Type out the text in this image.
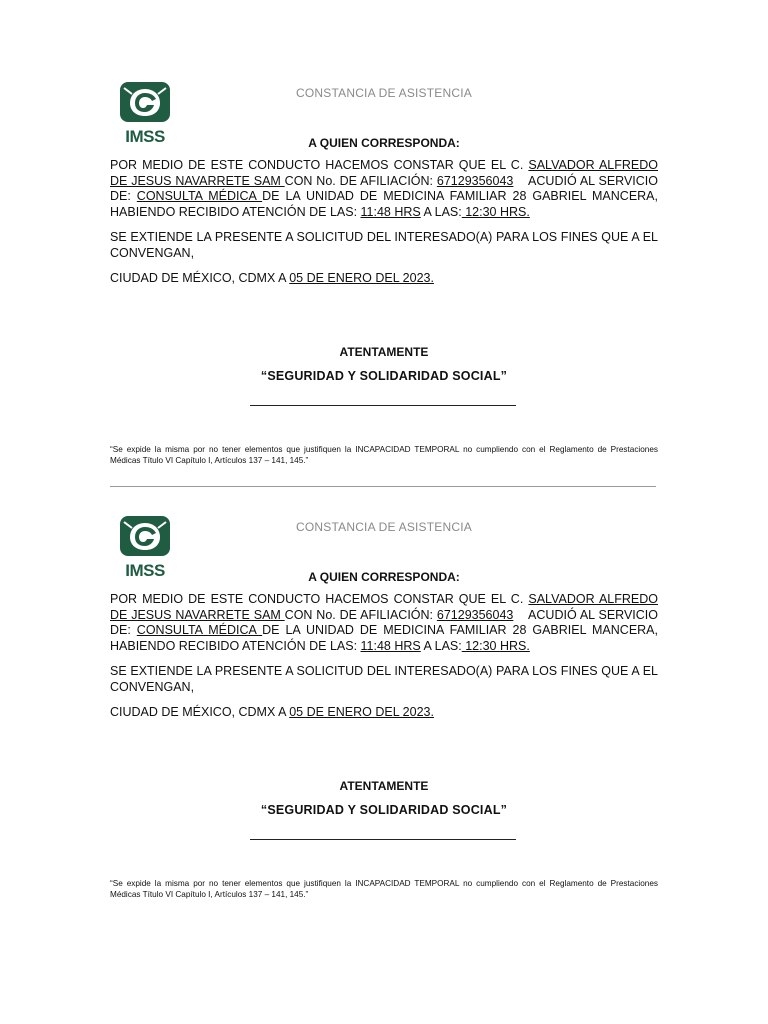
IMSS
CONSTANCIA DE ASISTENCIA
A QUIEN CORRESPONDA:
POR MEDIO DE ESTE CONDUCTO HACEMOS CONSTAR QUE EL C. SALVADOR ALFREDO DE JESUS NAVARRETE SAM CON No. DE AFILIACIÓN: 67129356043    ACUDIÓ AL SERVICIO DE: CONSULTA MÉDICA DE LA UNIDAD DE MEDICINA FAMILIAR 28 GABRIEL MANCERA, HABIENDO RECIBIDO ATENCIÓN DE LAS: 11:48 HRS A LAS: 12:30 HRS.
SE EXTIENDE LA PRESENTE A SOLICITUD DEL INTERESADO(A) PARA LOS FINES QUE A EL CONVENGAN,
CIUDAD DE MÉXICO, CDMX A 05 DE ENERO DEL 2023.
ATENTAMENTE
“SEGURIDAD Y SOLIDARIDAD SOCIAL”
“Se expide la misma por no tener elementos que justifiquen la INCAPACIDAD TEMPORAL no cumpliendo con el Reglamento de Prestaciones Médicas Título VI Capítulo I, Artículos 137 – 141, 145.”
IMSS
CONSTANCIA DE ASISTENCIA
A QUIEN CORRESPONDA:
POR MEDIO DE ESTE CONDUCTO HACEMOS CONSTAR QUE EL C. SALVADOR ALFREDO DE JESUS NAVARRETE SAM CON No. DE AFILIACIÓN: 67129356043    ACUDIÓ AL SERVICIO DE: CONSULTA MÉDICA DE LA UNIDAD DE MEDICINA FAMILIAR 28 GABRIEL MANCERA, HABIENDO RECIBIDO ATENCIÓN DE LAS: 11:48 HRS A LAS: 12:30 HRS.
SE EXTIENDE LA PRESENTE A SOLICITUD DEL INTERESADO(A) PARA LOS FINES QUE A EL CONVENGAN,
CIUDAD DE MÉXICO, CDMX A 05 DE ENERO DEL 2023.
ATENTAMENTE
“SEGURIDAD Y SOLIDARIDAD SOCIAL”
“Se expide la misma por no tener elementos que justifiquen la INCAPACIDAD TEMPORAL no cumpliendo con el Reglamento de Prestaciones Médicas Título VI Capítulo I, Artículos 137 – 141, 145.”
